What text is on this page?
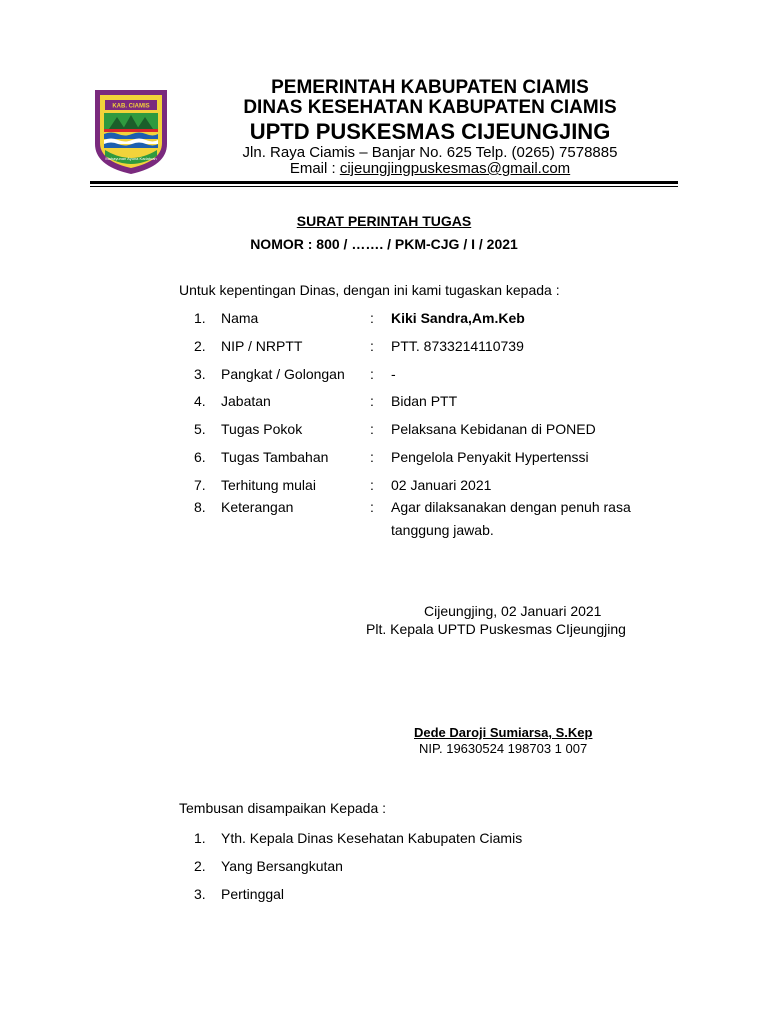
KAB. CIAMIS
Mahayunan Ayuna Kadatuan
PEMERINTAH KABUPATEN CIAMIS
DINAS KESEHATAN KABUPATEN CIAMIS
UPTD PUSKESMAS CIJEUNGJING
Jln. Raya Ciamis – Banjar No. 625 Telp. (0265) 7578885
Email : cijeungjingpuskesmas@gmail.com
SURAT PERINTAH TUGAS
NOMOR : 800 / ……. / PKM-CJG / I / 2021
Untuk kepentingan Dinas, dengan ini kami tugaskan kepada :
1. Nama	: Kiki Sandra,Am.Keb
2. NIP / NRPTT	: PTT. 8733214110739
3. Pangkat / Golongan : -
4. Jabatan	: Bidan PTT
5. Tugas Pokok	: Pelaksana Kebidanan di PONED
6. Tugas Tambahan	: Pengelola Penyakit Hypertenssi
7. Terhitung mulai	: 02 Januari 2021
8. Keterangan	: Agar dilaksanakan dengan penuh rasa
tanggung jawab.
Cijeungjing, 02 Januari 2021
Plt. Kepala UPTD Puskesmas CIjeungjing
Dede Daroji Sumiarsa, S.Kep
NIP. 19630524 198703 1 007
Tembusan disampaikan Kepada :
1. Yth. Kepala Dinas Kesehatan Kabupaten Ciamis
2. Yang Bersangkutan
3. Pertinggal
